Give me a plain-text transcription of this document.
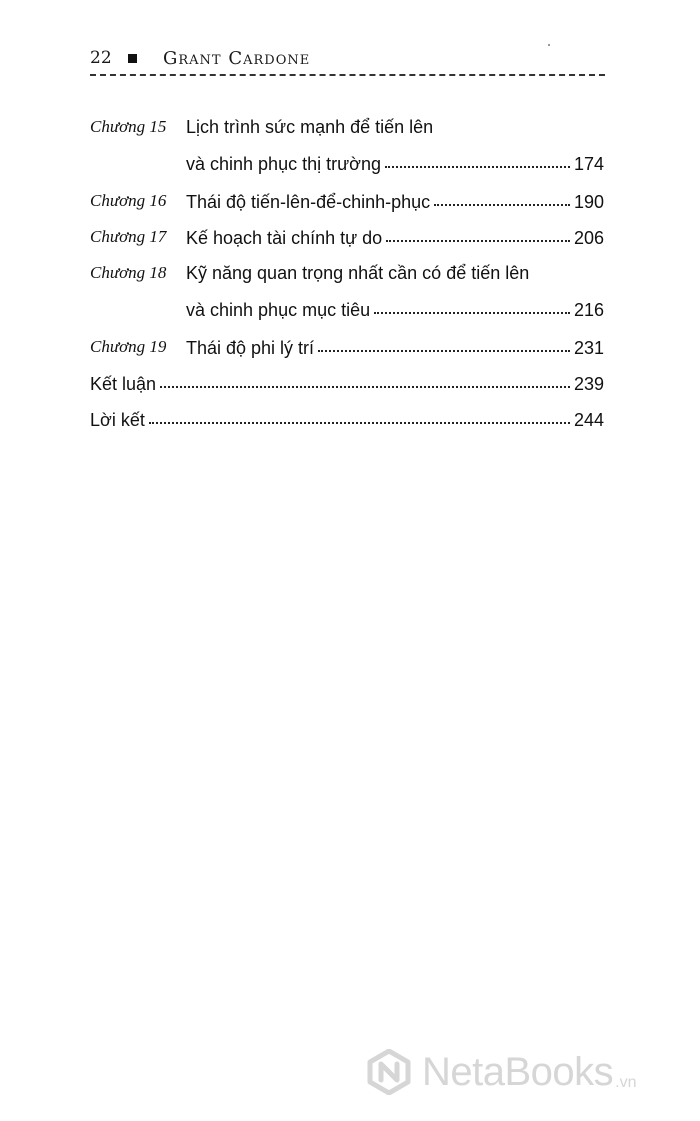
22	Grant Cardone
Chương 15 Lịch trình sức mạnh để tiến lên
và chinh phục thị trường	174
Chương 16 Thái độ tiến-lên-để-chinh-phục	190
Chương 17 Kế hoạch tài chính tự do	206
Chương 18 Kỹ năng quan trọng nhất cần có để tiến lên
và chinh phục mục tiêu	216
Chương 19 Thái độ phi lý trí	231
Kết luận	239
Lời kết	244
NetaBooks .vn
